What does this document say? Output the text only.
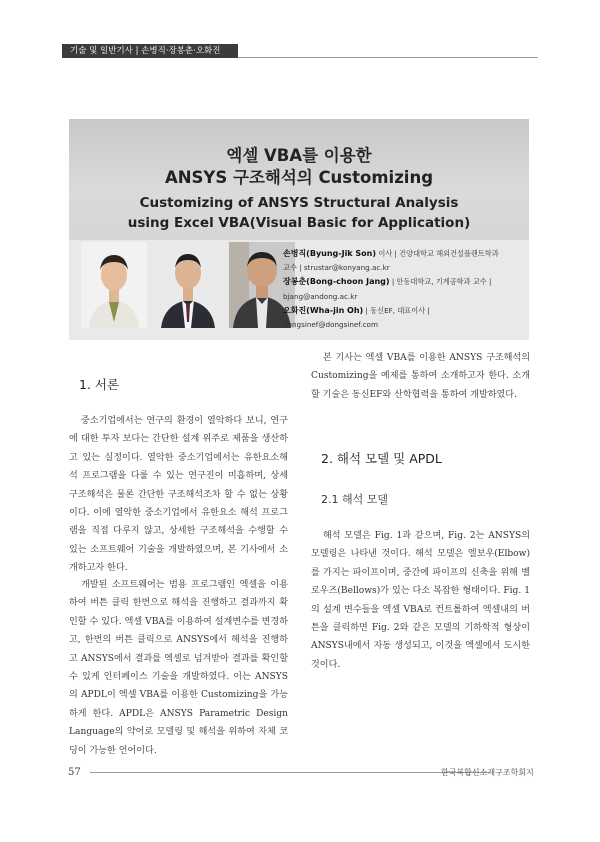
기술 및 일반기사 | 손병직·장봉춘·오화진
엑셀 VBA를 이용한
ANSYS 구조해석의 Customizing
Customizing of ANSYS Structural Analysis
using Excel VBA(Visual Basic for Application)
손병직(Byung-Jik Son) 이사 | 건양대학교 해외건설플랜트학과
교수 | strustar@konyang.ac.kr
장봉춘(Bong-choon Jang) | 안동대학교, 기계공학과 교수 |
bjang@andong.ac.kr
오화진(Wha-jin Oh) | 동신EF, 대표이사 |
dongsinef@dongsinef.com
1. 서론
중소기업에서는 연구의 환경이 열악하다 보니, 연구에 대한 투자 보다는 간단한 설계 위주로 제품을 생산하고 있는 실정이다. 열악한 중소기업에서는 유한요소해석 프로그램을 다룰 수 있는 연구진이 미흡하며, 상세 구조해석은 물론 간단한 구조해석조차 할 수 없는 상황이다. 이에 열악한 중소기업에서 유한요소 해석 프로그램을 직접 다루지 않고, 상세한 구조해석을 수행할 수 있는 소프트웨어 기술을 개발하였으며, 본 기사에서 소개하고자 한다.
개발된 소프트웨어는 범용 프로그램인 엑셀을 이용하여 버튼 클릭 한번으로 해석을 진행하고 결과까지 확인할 수 있다. 엑셀 VBA를 이용하여 설계변수를 변경하고, 한번의 버튼 클릭으로 ANSYS에서 해석을 진행하고 ANSYS에서 결과를 엑셀로 넘겨받아 결과를 확인할 수 있게 인터페이스 기술을 개발하였다. 이는 ANSYS의 APDL이 엑셀 VBA를 이용한 Customizing을 가능하게 한다. APDL은 ANSYS Parametric Design Language의 약어로 모델링 및 해석을 위하여 자체 코딩이 가능한 언어이다.
본 기사는 엑셀 VBA를 이용한 ANSYS 구조해석의 Customizing을 예제를 통하여 소개하고자 한다. 소개할 기술은 동신EF와 산학협력을 통하여 개발하였다.
2. 해석 모델 및 APDL
2.1 해석 모델
해석 모델은 Fig. 1과 같으며, Fig. 2는 ANSYS의 모델링은 나타낸 것이다. 해석 모델은 엘보우(Elbow)를 가지는 파이프이며, 중간에 파이프의 신축을 위해 벨로우즈(Bellows)가 있는 다소 복잡한 형태이다. Fig. 1의 설계 변수들을 엑셀 VBA로 컨트롤하여 엑셀내의 버튼을 클릭하면 Fig. 2와 같은 모델의 기하학적 형상이 ANSYS내에서 자동 생성되고, 이것을 엑셀에서 도시한 것이다.
57	한국복합신소재구조학회지
